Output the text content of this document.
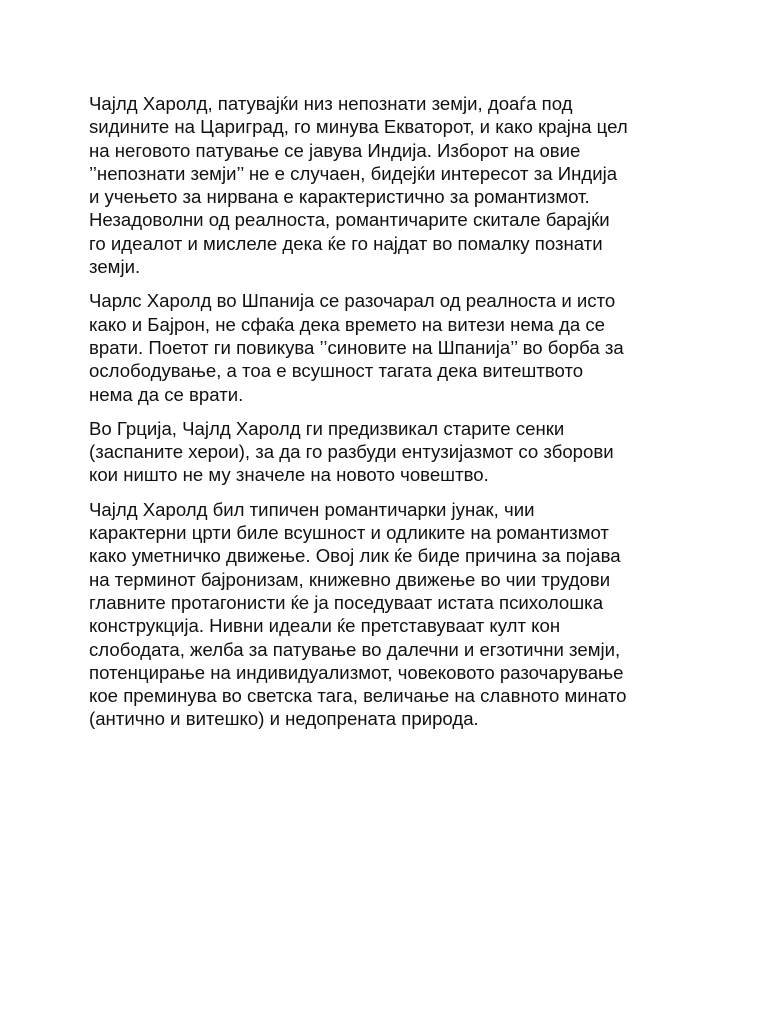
Чајлд Харолд, патувајќи низ непознати земји, доаѓа под
ѕидините на Цариград, го минува Екваторот, и како крајна цел
на неговото патување се јавува Индија. Изборот на овие
’’непознати земји’’ не е случаен, бидејќи интересот за Индија
и учењето за нирвана е карактеристично за романтизмот.
Незадоволни од реалноста, романтичарите скитале барајќи
го идеалот и мислеле дека ќе го најдат во помалку познати
земји.

Чарлс Харолд во Шпанија се разочарал од реалноста и исто
како и Бајрон, не сфаќа дека времето на витези нема да се
врати. Поетот ги повикува ’’синовите на Шпанија’’ во борба за
ослободување, а тоа е всушност тагата дека витештвото
нема да се врати.

Во Грција, Чајлд Харолд ги предизвикал старите сенки
(заспаните херои), за да го разбуди ентузијазмот со зборови
кои ништо не му значеле на новото човештво.

Чајлд Харолд бил типичен романтичарки јунак, чии
карактерни црти биле всушност и одликите на романтизмот
како уметничко движење. Овој лик ќе биде причина за појава
на терминот бајронизам, книжевно движење во чии трудови
главните протагонисти ќе ја поседуваат истата психолошка
конструкција. Нивни идеали ќе претставуваат култ кон
слободата, желба за патување во далечни и егзотични земји,
потенцирање на индивидуализмот, човековото разочарување
кое преминува во светска тага, величање на славното минато
(антично и витешко) и недопрената природа.
